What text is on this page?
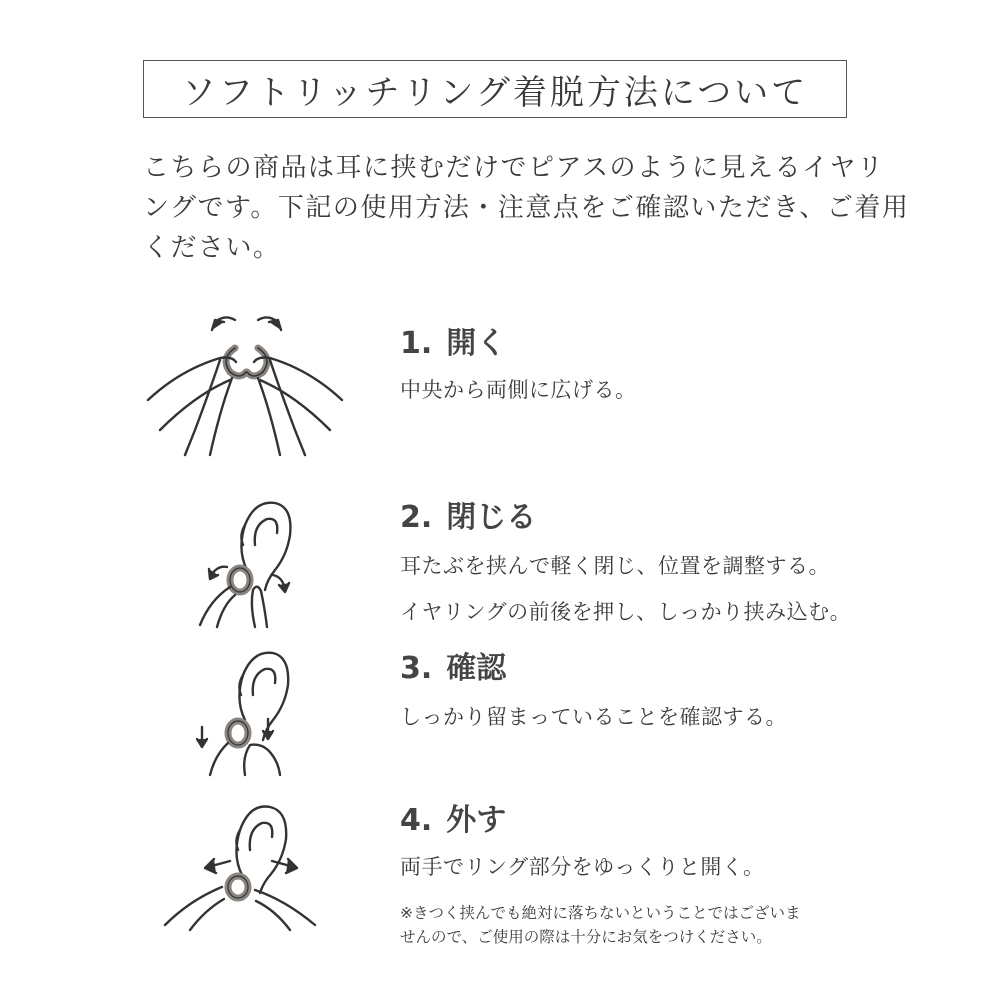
ソフトリッチリング着脱方法について
こちらの商品は耳に挟むだけでピアスのように見えるイヤリ
ングです。下記の使用方法・注意点をご確認いただき、ご着用
ください。
1. 開く
中央から両側に広げる。
2. 閉じる
耳たぶを挟んで軽く閉じ、位置を調整する。
イヤリングの前後を押し、しっかり挟み込む。
3. 確認
しっかり留まっていることを確認する。
4. 外す
両手でリング部分をゆっくりと開く。
※きつく挟んでも絶対に落ちないということではございま
せんので、ご使用の際は十分にお気をつけください。
